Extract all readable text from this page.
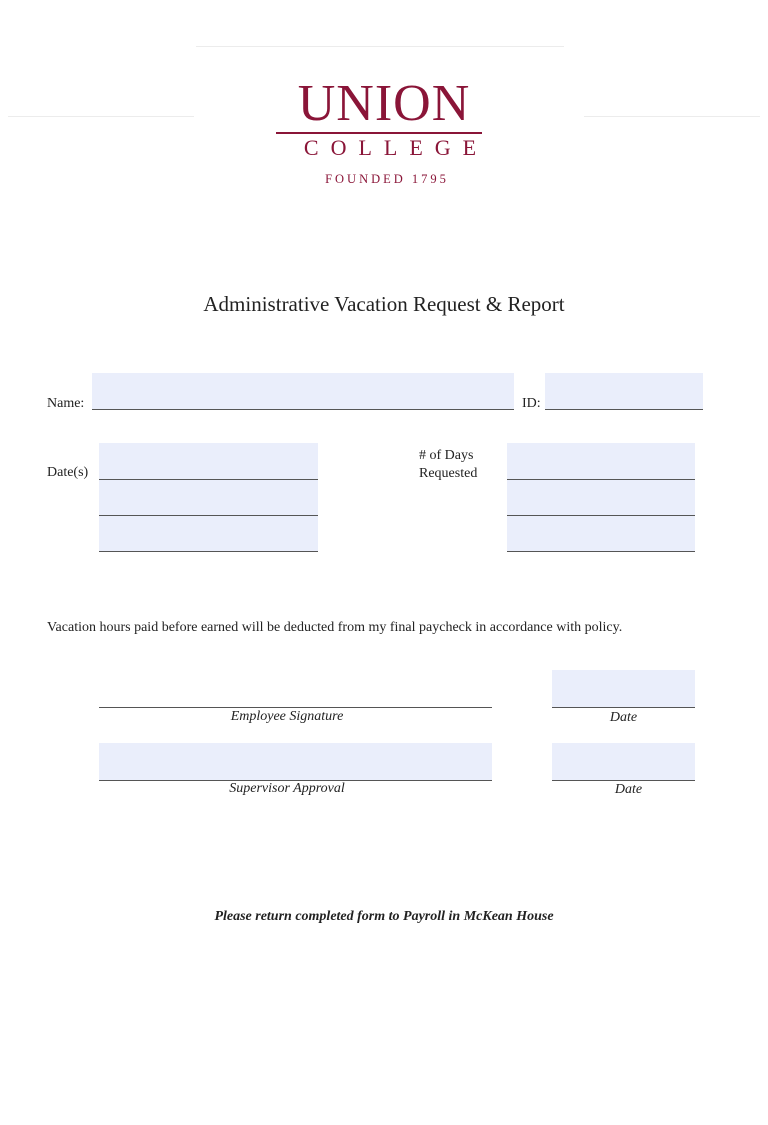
UNION
COLLEGE
FOUNDED 1795
Administrative Vacation Request & Report
Name:	ID:
Date(s)
# of Days
Requested
Vacation hours paid before earned will be deducted from my final paycheck in accordance with policy.
Employee Signature	Date
Supervisor Approval	Date
Please return completed form to Payroll in McKean House
